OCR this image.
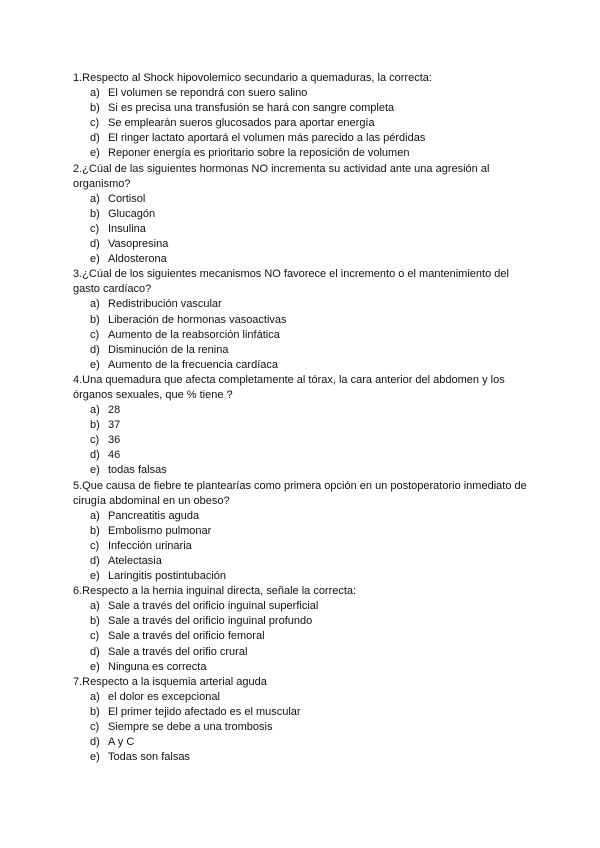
1.Respecto al Shock hipovolemico secundario a quemaduras, la correcta:

a) El volumen se repondrá con suero salino
b) Si es precisa una transfusión se hará con sangre completa
c) Se emplearán sueros glucosados para aportar energía
d) El ringer lactato aportará el volumen más parecido a las pérdidas
e) Reponer energía es prioritario sobre la reposición de volumen

2.¿Cúal de las siguientes hormonas NO incrementa su actividad ante una agresión al organismo?

a) Cortisol
b) Glucagón
c) Insulina
d) Vasopresina
e) Aldosterona

3.¿Cúal de los siguientes mecanismos NO favorece el incremento o el mantenimiento del gasto cardíaco?

a) Redistribución vascular
b) Liberación de hormonas vasoactivas
c) Aumento de la reabsorción linfática
d) Disminución de la renina
e) Aumento de la frecuencia cardíaca

4.Una quemadura que afecta completamente al tórax, la cara anterior del abdomen y los órganos sexuales, que % tiene ?

a) 28
b) 37
c) 36
d) 46
e) todas falsas

5.Que causa de fiebre te plantearías como primera opción en un postoperatorio inmediato de cirugía abdominal en un obeso?

a) Pancreatitis aguda
b) Embolismo pulmonar
c) Infección urinaria
d) Atelectasia
e) Laringitis postintubación

6.Respecto a la hernia inguinal directa, señale la correcta:

a) Sale a través del orificio inguinal superficial
b) Sale a través del orificio inguinal profundo
c) Sale a través del orificio femoral
d) Sale a través del orifio crural
e) Ninguna es correcta

7.Respecto a la isquemia arterial aguda

a) el dolor es excepcional
b) El primer tejido afectado es el muscular
c) Siempre se debe a una trombosis
d) A y C
e) Todas son falsas
